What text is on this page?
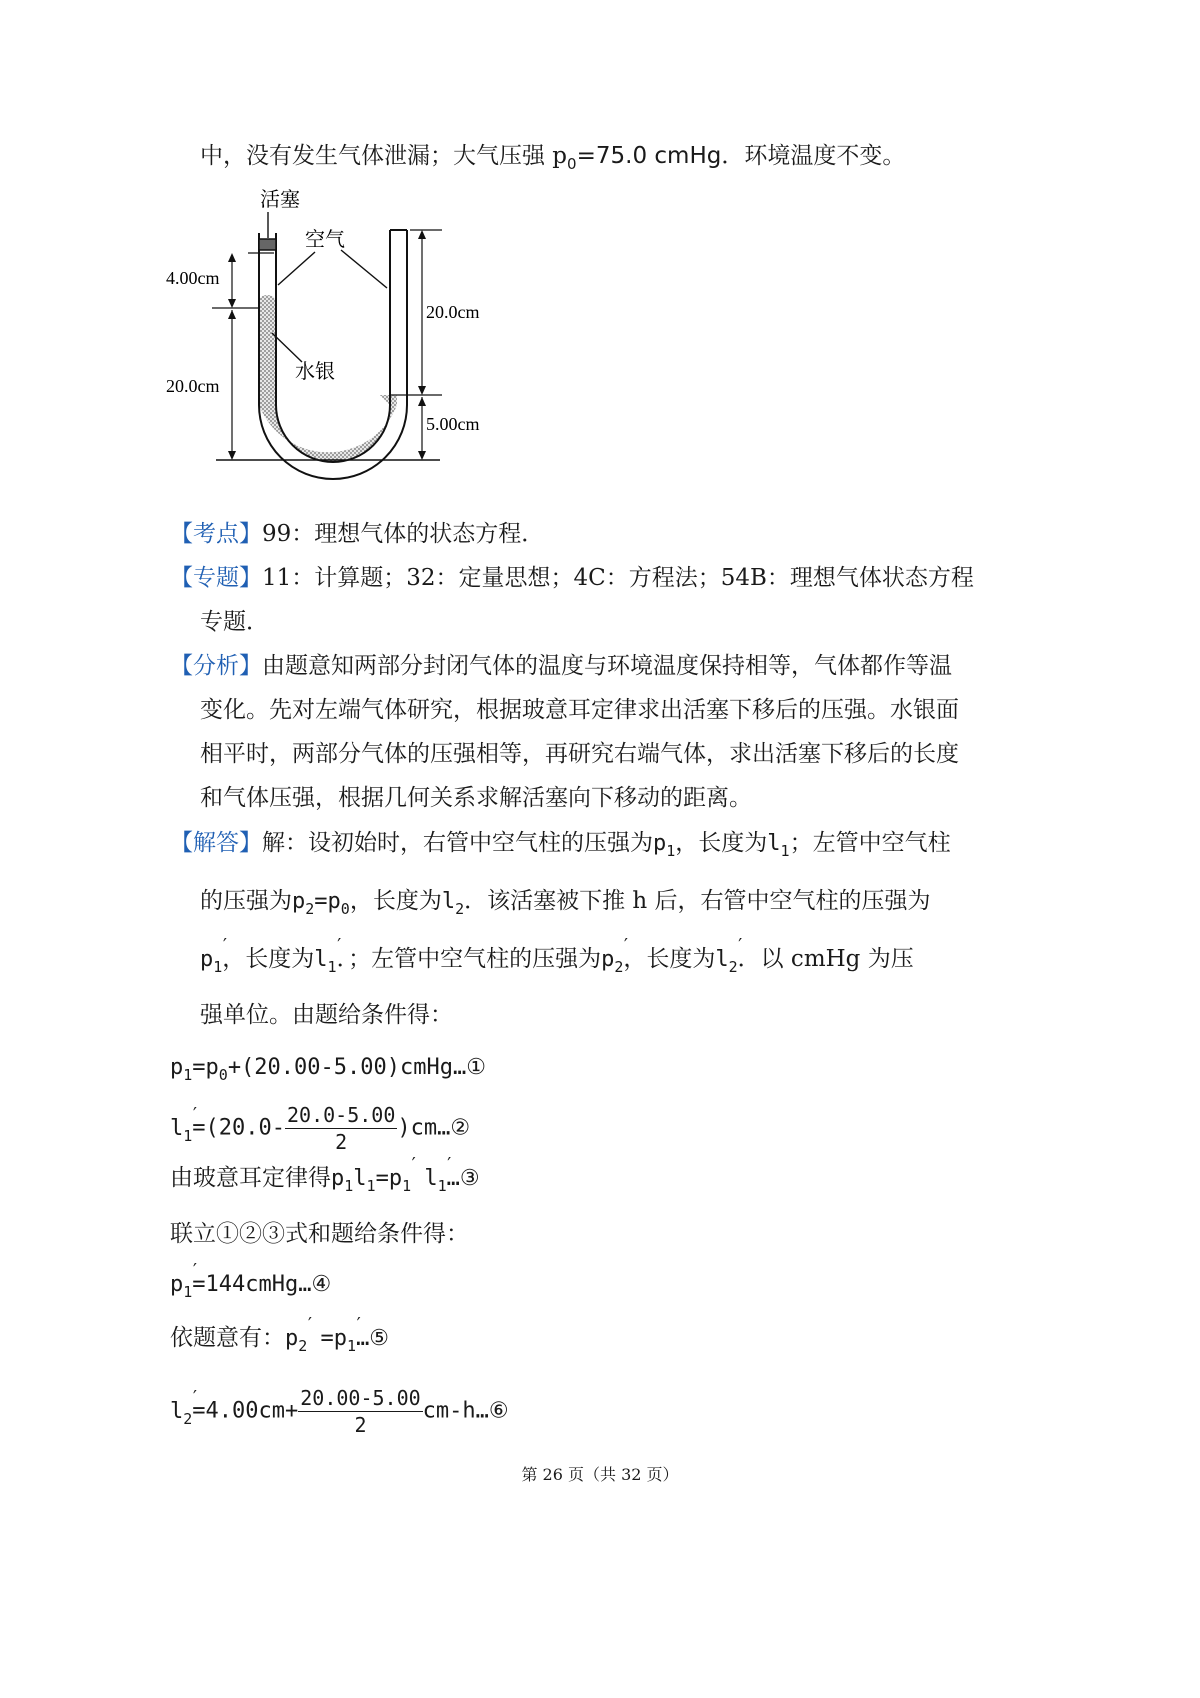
中，没有发生气体泄漏；大气压强 $p_0=75.0$ cmHg．环境温度不变。
活塞
空气
水银
4.00cm
20.0cm
20.0cm
5.00cm
【考点】99：理想气体的状态方程．
【专题】11：计算题；32：定量思想；4C：方程法；54B：理想气体状态方程
专题．
【分析】由题意知两部分封闭气体的温度与环境温度保持相等，气体都作等温
变化。先对左端气体研究，根据玻意耳定律求出活塞下移后的压强。水银面
相平时，两部分气体的压强相等，再研究右端气体，求出活塞下移后的长度
和气体压强，根据几何关系求解活塞向下移动的距离。
【解答】解：设初始时，右管中空气柱的压强为$p_1$，长度为$l_1$；左管中空气柱
的压强为$p_2=p_0$，长度为$l_2$．该活塞被下推 h 后，右管中空气柱的压强为
$p_1$ ′，长度为$l_1$ ′．；左管中空气柱的压强为$p_2$ ′，长度为$l_2$ ′．以 cmHg 为压
强单位。由题给条件得：
$p_1=p_0+(20.00-5.00)cmHg\dots ①$
$l_1$ $'=(20.0- \frac{20.0-5.00}{2}$ )cm…②
由玻意耳定律得$p_1l_1=p_1$ ′ $l_1$ ′…③
联立①②③式和题给条件得：
$p_1$ ′=144cmHg…④
依题意有：$p_2$ ′ $=p_1$ ′…⑤
$l_2$ $'=4.00cm+ \frac{20.00-5.00}{2}$ cm-h…⑥
第 26 页（共 32 页）
